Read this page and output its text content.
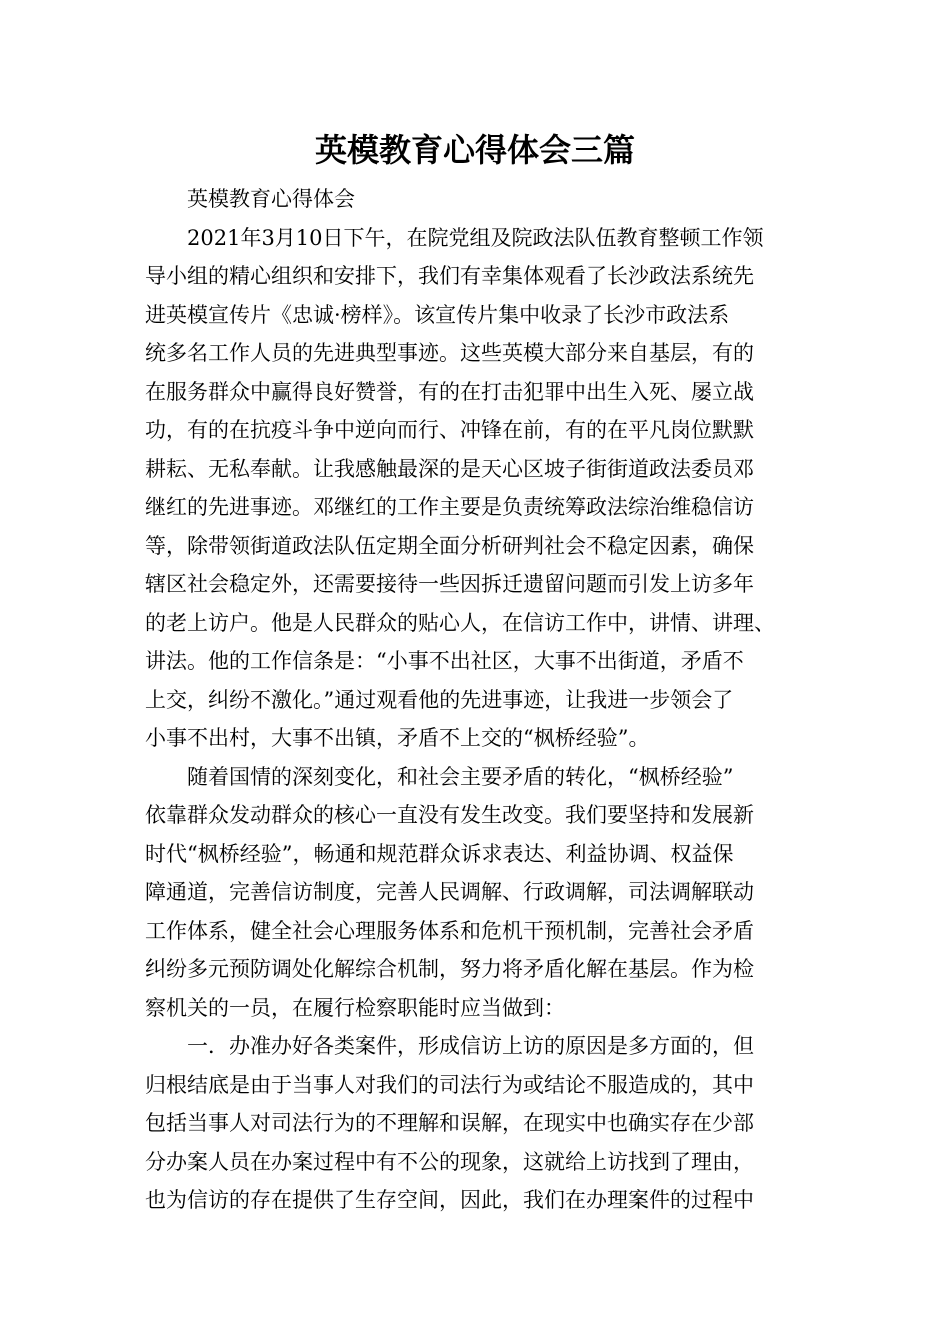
英模教育心得体会三篇
英模教育心得体会
2021年3月10日下午，在院党组及院政法队伍教育整顿工作领
导小组的精心组织和安排下，我们有幸集体观看了长沙政法系统先
进英模宣传片《忠诚·榜样》。该宣传片集中收录了长沙市政法系
统多名工作人员的先进典型事迹。这些英模大部分来自基层，有的
在服务群众中赢得良好赞誉，有的在打击犯罪中出生入死、屡立战
功，有的在抗疫斗争中逆向而行、冲锋在前，有的在平凡岗位默默
耕耘、无私奉献。让我感触最深的是天心区坡子街街道政法委员邓
继红的先进事迹。邓继红的工作主要是负责统筹政法综治维稳信访
等，除带领街道政法队伍定期全面分析研判社会不稳定因素，确保
辖区社会稳定外，还需要接待一些因拆迁遗留问题而引发上访多年
的老上访户。他是人民群众的贴心人，在信访工作中，讲情、讲理、
讲法。他的工作信条是：“小事不出社区，大事不出街道，矛盾不
上交，纠纷不激化。”通过观看他的先进事迹，让我进一步领会了
小事不出村，大事不出镇，矛盾不上交的“枫桥经验”。
随着国情的深刻变化，和社会主要矛盾的转化，“枫桥经验”
依靠群众发动群众的核心一直没有发生改变。我们要坚持和发展新
时代“枫桥经验”，畅通和规范群众诉求表达、利益协调、权益保
障通道，完善信访制度，完善人民调解、行政调解，司法调解联动
工作体系，健全社会心理服务体系和危机干预机制，完善社会矛盾
纠纷多元预防调处化解综合机制，努力将矛盾化解在基层。作为检
察机关的一员，在履行检察职能时应当做到：
一．办准办好各类案件，形成信访上访的原因是多方面的，但
归根结底是由于当事人对我们的司法行为或结论不服造成的，其中
包括当事人对司法行为的不理解和误解，在现实中也确实存在少部
分办案人员在办案过程中有不公的现象，这就给上访找到了理由，
也为信访的存在提供了生存空间，因此，我们在办理案件的过程中
